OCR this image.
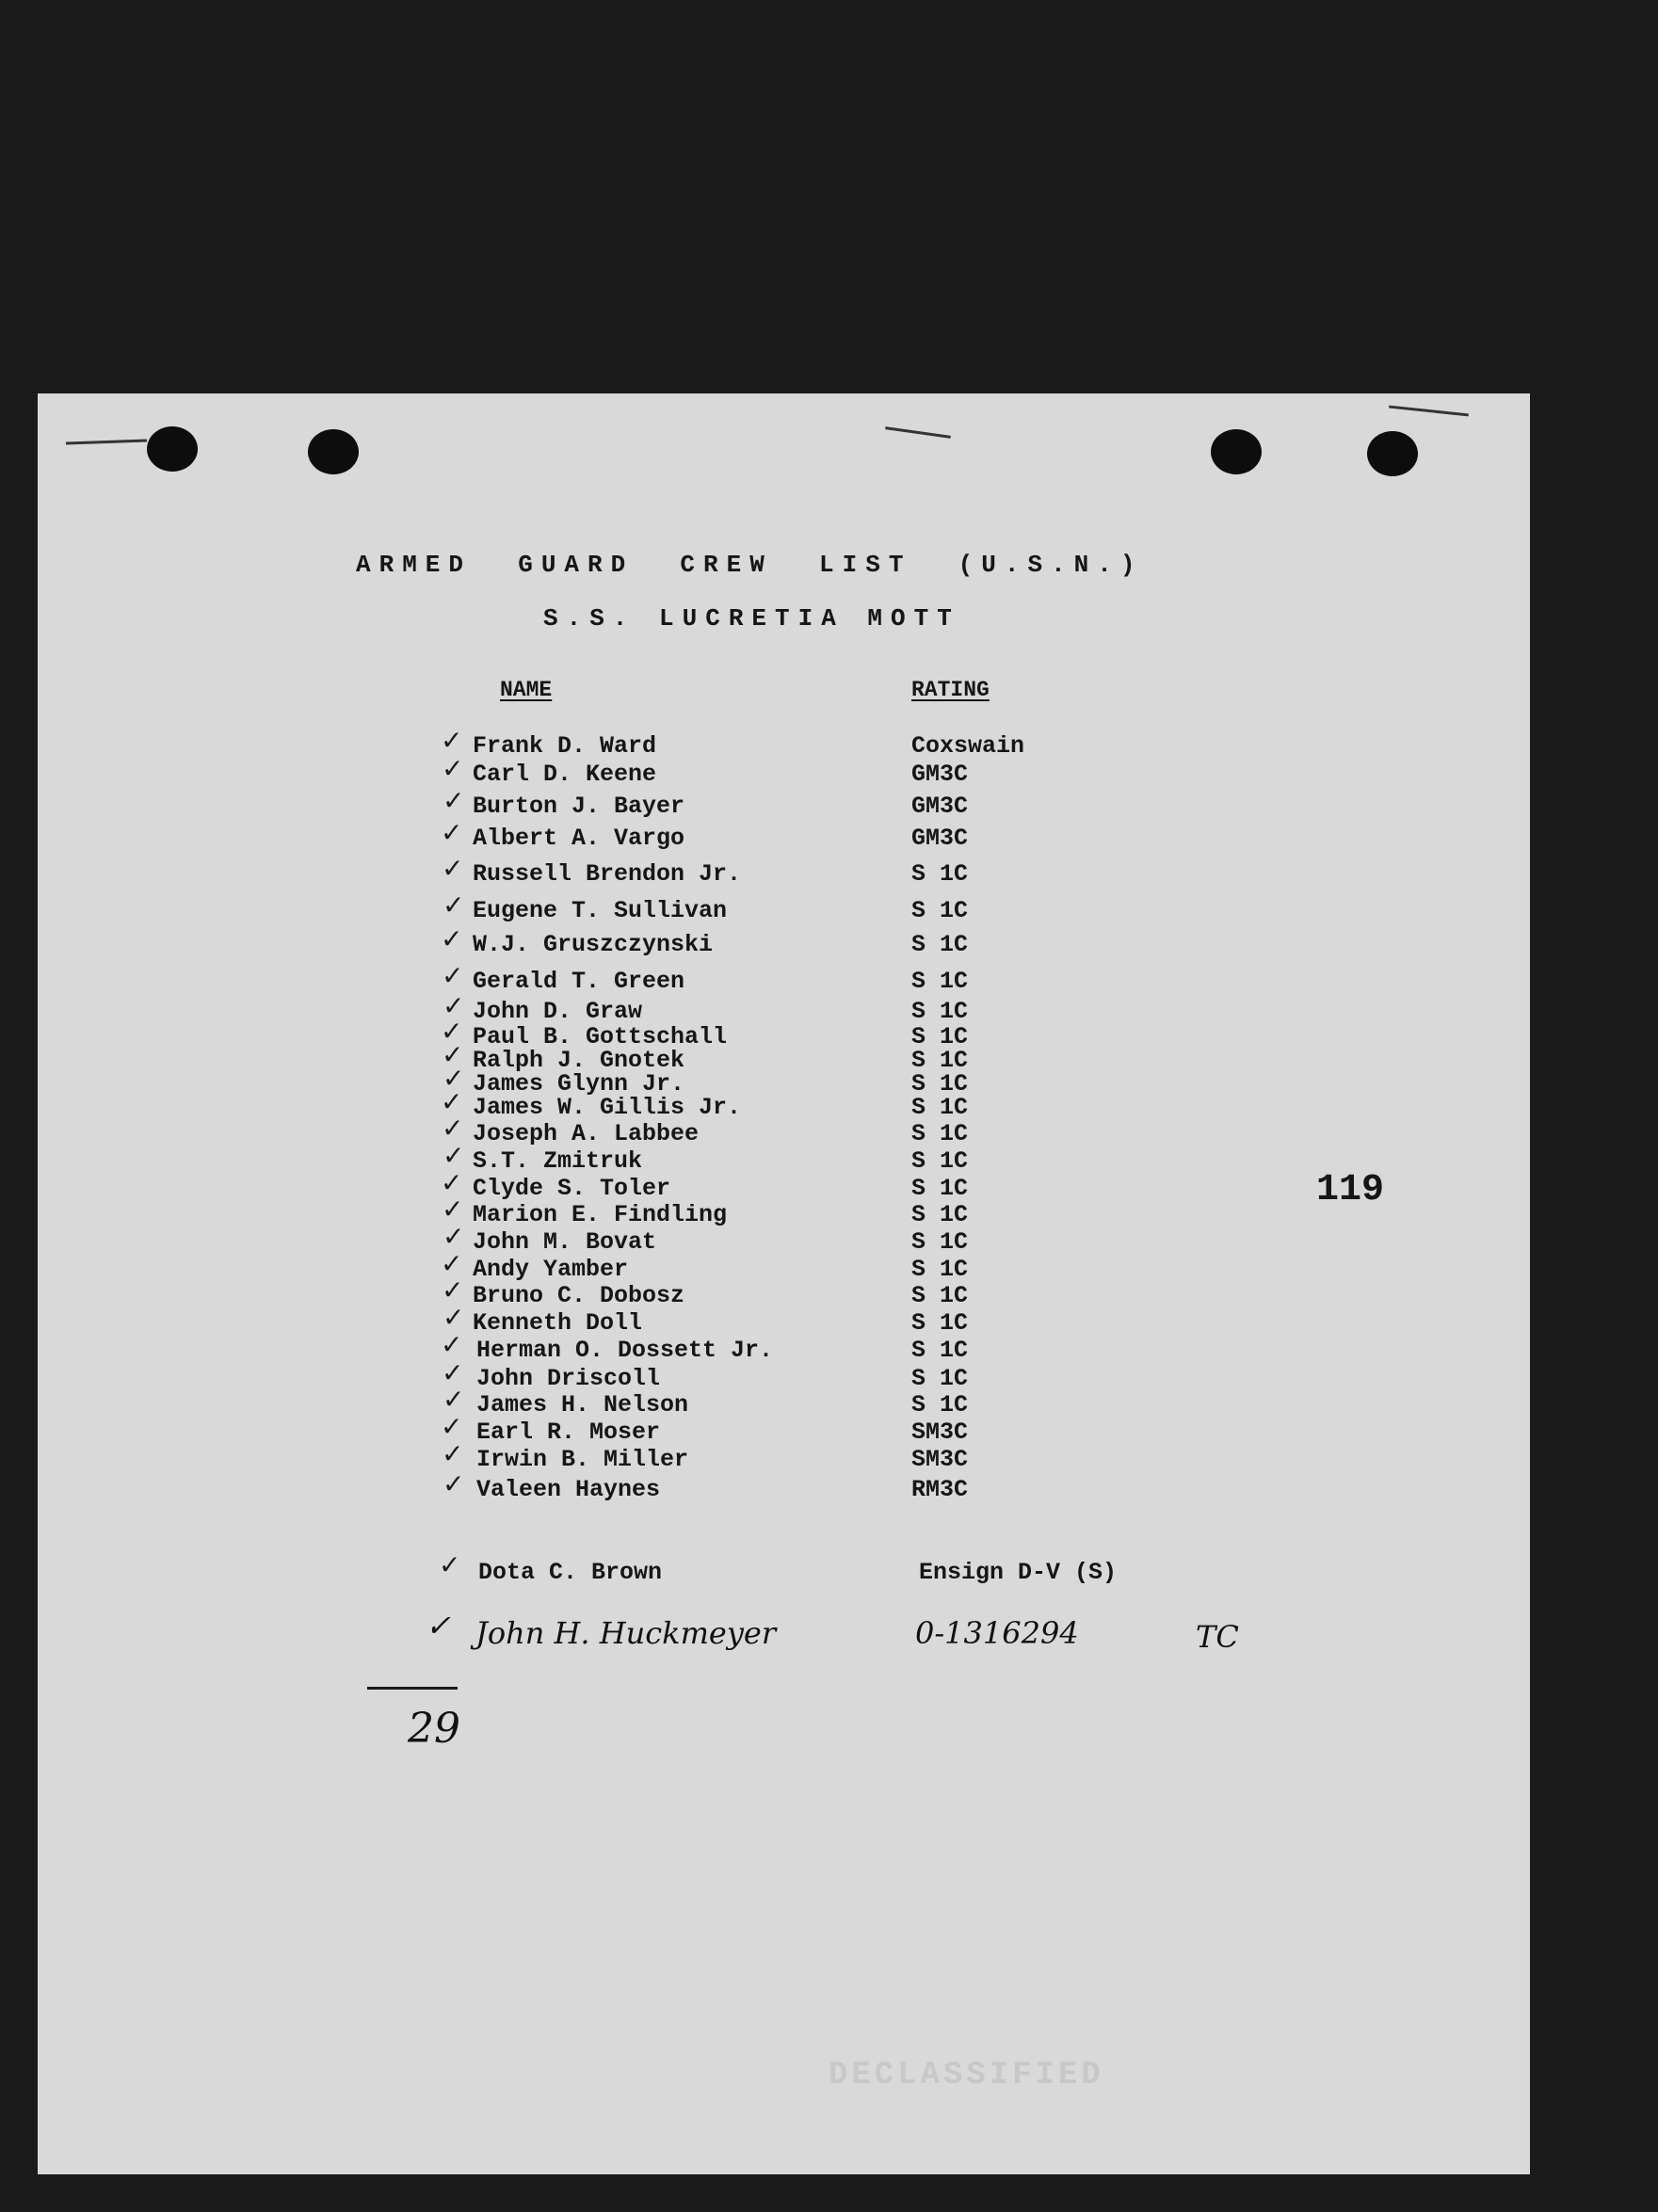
ARMED  GUARD  CREW  LIST  (U.S.N.)
S.S. LUCRETIA MOTT
NAME	RATING
✓ Frank D. Ward	Coxswain
✓ Carl D. Keene	GM3C
✓ Burton J. Bayer	GM3C
✓ Albert A. Vargo	GM3C
✓ Russell Brendon Jr.	S 1C
✓ Eugene T. Sullivan	S 1C
✓ W.J. Gruszczynski	S 1C
✓ Gerald T. Green	S 1C
✓ John D. Graw	S 1C
✓ Paul B. Gottschall	S 1C
✓ Ralph J. Gnotek	S 1C
✓ James Glynn Jr.	S 1C
✓ James W. Gillis Jr.	S 1C
✓ Joseph A. Labbee	S 1C
✓ S.T. Zmitruk	S 1C
✓ Clyde S. Toler	S 1C
✓ Marion E. Findling	S 1C
✓ John M. Bovat	S 1C
✓ Andy Yamber	S 1C
✓ Bruno C. Dobosz	S 1C
✓ Kenneth Doll	S 1C
✓ Herman O. Dossett Jr.	S 1C
✓ John Driscoll	S 1C
✓ James H. Nelson	S 1C
✓ Earl R. Moser	SM3C
✓ Irwin B. Miller	SM3C
✓ Valeen Haynes	RM3C
✓ Dota C. Brown	Ensign D-V (S)
✓ John H. Huckmeyer	0-1316294	TC
29
119
DECLASSIFIED
